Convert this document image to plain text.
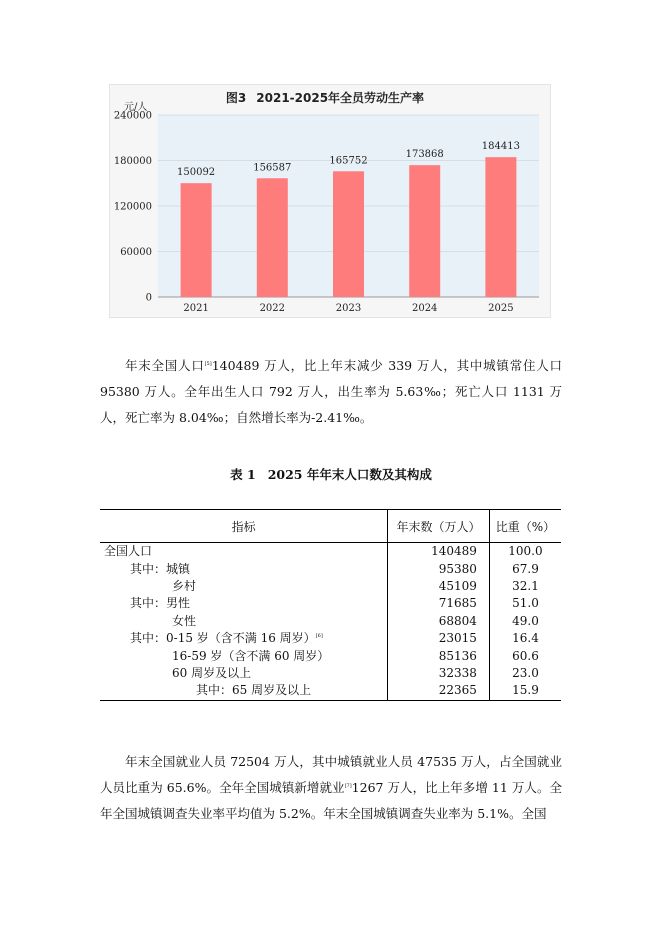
图3 2021-2025年全员劳动生产率
元/人
0
60000
120000
180000
240000
150092
2021
156587
2022
165752
2023
173868
2024
184413
2025

年末全国人口[5]140489 万人，比上年末减少 339 万人，其中城镇常住人口 95380 万人。全年出生人口 792 万人，出生率为 5.63‰；死亡人口 1131 万人，死亡率为 8.04‰；自然增长率为-2.41‰。

表 1 2025 年年末人口数及其构成
指标	年末数（万人）	比重（%）
全国人口	140489	100.0
其中：城镇	95380	67.9
乡村	45109	32.1
其中：男性	71685	51.0
女性	68804	49.0
其中：0-15 岁（含不满 16 周岁）[6]	23015	16.4
16-59 岁（含不满 60 周岁）	85136	60.6
60 周岁及以上	32338	23.0
其中：65 周岁及以上	22365	15.9

年末全国就业人员 72504 万人，其中城镇就业人员 47535 万人，占全国就业人员比重为 65.6%。全年全国城镇新增就业[7]1267 万人，比上年多增 11 万人。全年全国城镇调查失业率平均值为 5.2%。年末全国城镇调查失业率为 5.1%。全国
